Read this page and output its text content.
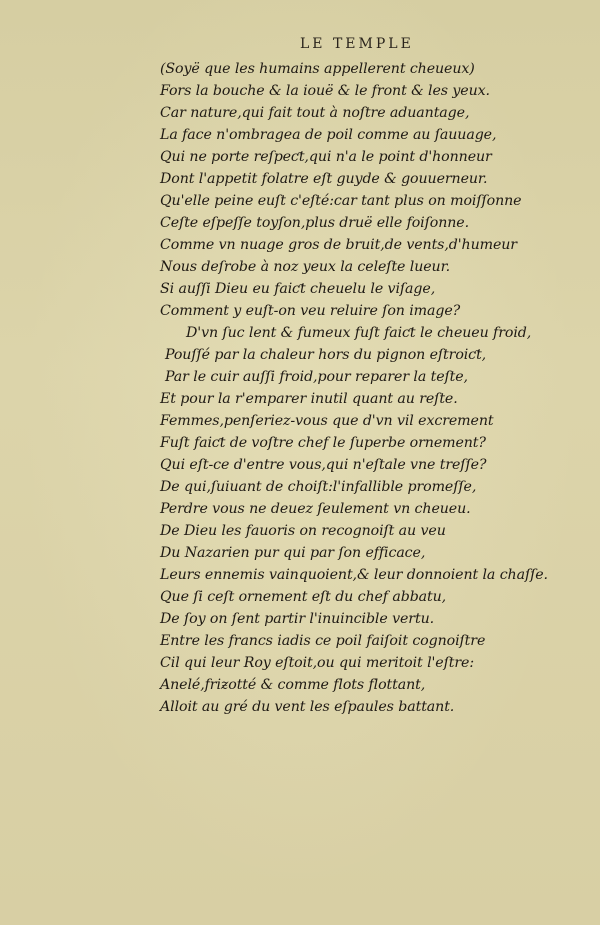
LE TEMPLE
(Soyë que les humains appellerent cheueux)
Fors la bouche & la iouë & le front & les yeux.
Car nature,qui fait tout à noſtre aduantage,
La face n'ombragea de poil comme au ſauuage,
Qui ne porte reſpeƈt,qui n'a le point d'honneur
Dont l'appetit folatre eſt guyde & gouuerneur.
Qu'elle peine euſt c'eſté:car tant plus on moiſſonne
Ceſte eſpeſſe toyſon,plus druë elle foiſonne.
Comme vn nuage gros de bruit,de vents,d'humeur
Nous deſrobe à noz yeux la celeſte lueur.
Si auſſi Dieu eu faiƈt cheuelu le viſage,
Comment y euſt-on veu reluire ſon image?
D'vn ſuc lent & fumeux fuſt faiƈt le cheueu froid,
Pouſſé par la chaleur hors du pignon eſtroiƈt,
Par le cuir auſſi froid,pour reparer la teſte,
Et pour la r'emparer inutil quant au reſte.
Femmes,penſeriez-vous que d'vn vil excrement
Fuſt faiƈt de voſtre chef le ſuperbe ornement?
Qui eſt-ce d'entre vous,qui n'eſtale vne treſſe?
De qui,ſuiuant de choiſt:l'infallible promeſſe,
Perdre vous ne deuez ſeulement vn cheueu.
De Dieu les fauoris on recognoiſt au veu
Du Nazarien pur qui par ſon efficace,
Leurs ennemis vainquoient,& leur donnoient la chaſſe.
Que ſi ceſt ornement eſt du chef abbatu,
De ſoy on ſent partir l'inuincible vertu.
Entre les francs iadis ce poil faiſoit cognoiſtre
Cil qui leur Roy eſtoit,ou qui meritoit l'eſtre:
Anelé,friƶotté & comme flots flottant,
Alloit au gré du vent les eſpaules battant.
